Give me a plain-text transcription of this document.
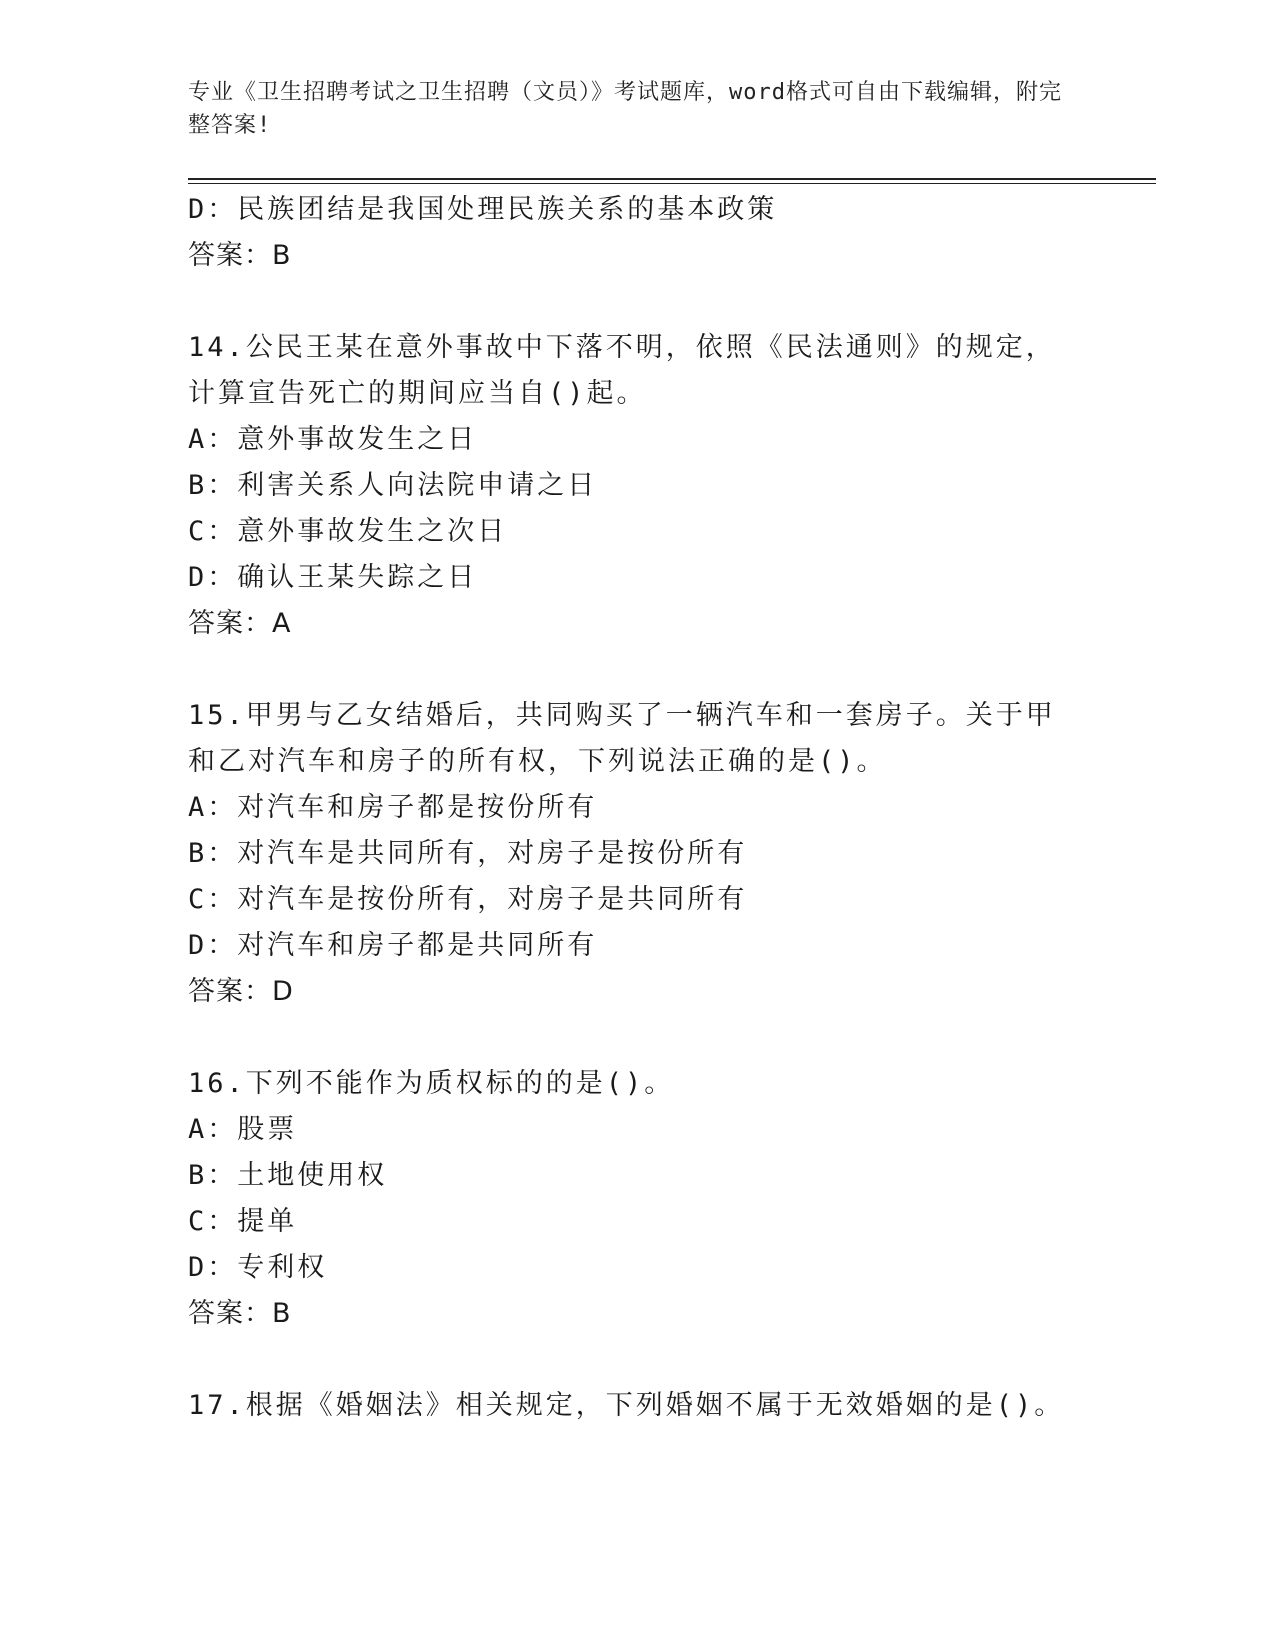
专业《卫生招聘考试之卫生招聘（文员）》考试题库，word格式可自由下载编辑，附完整答案!
D：民族团结是我国处理民族关系的基本政策
答案：B
14.公民王某在意外事故中下落不明，依照《民法通则》的规定，计算宣告死亡的期间应当自()起。
A：意外事故发生之日
B：利害关系人向法院申请之日
C：意外事故发生之次日
D：确认王某失踪之日
答案：A
15.甲男与乙女结婚后，共同购买了一辆汽车和一套房子。关于甲和乙对汽车和房子的所有权，下列说法正确的是()。
A：对汽车和房子都是按份所有
B：对汽车是共同所有，对房子是按份所有
C：对汽车是按份所有，对房子是共同所有
D：对汽车和房子都是共同所有
答案：D
16.下列不能作为质权标的的是()。
A：股票
B：土地使用权
C：提单
D：专利权
答案：B
17.根据《婚姻法》相关规定，下列婚姻不属于无效婚姻的是()。
